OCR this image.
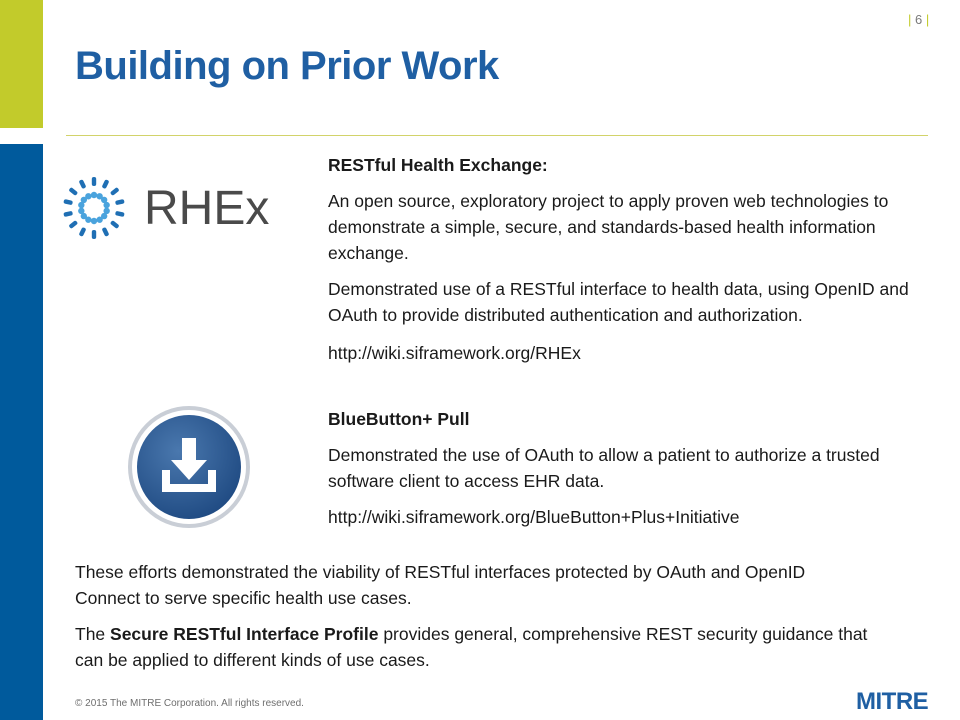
| 6 |
Building on Prior Work
RHEx

RESTful Health Exchange:

An open source, exploratory project to apply proven web technologies to demonstrate a simple, secure, and standards-based health information exchange.

Demonstrated use of a RESTful interface to health data, using OpenID and OAuth to provide distributed authentication and authorization.

http://wiki.siframework.org/RHEx

BlueButton+ Pull

Demonstrated the use of OAuth to allow a patient to authorize a trusted software client to access EHR data.

http://wiki.siframework.org/BlueButton+Plus+Initiative

These efforts demonstrated the viability of RESTful interfaces protected by OAuth and OpenID Connect to serve specific health use cases.

The Secure RESTful Interface Profile provides general, comprehensive REST security guidance that can be applied to different kinds of use cases.

© 2015 The MITRE Corporation. All rights reserved.	MITRE
